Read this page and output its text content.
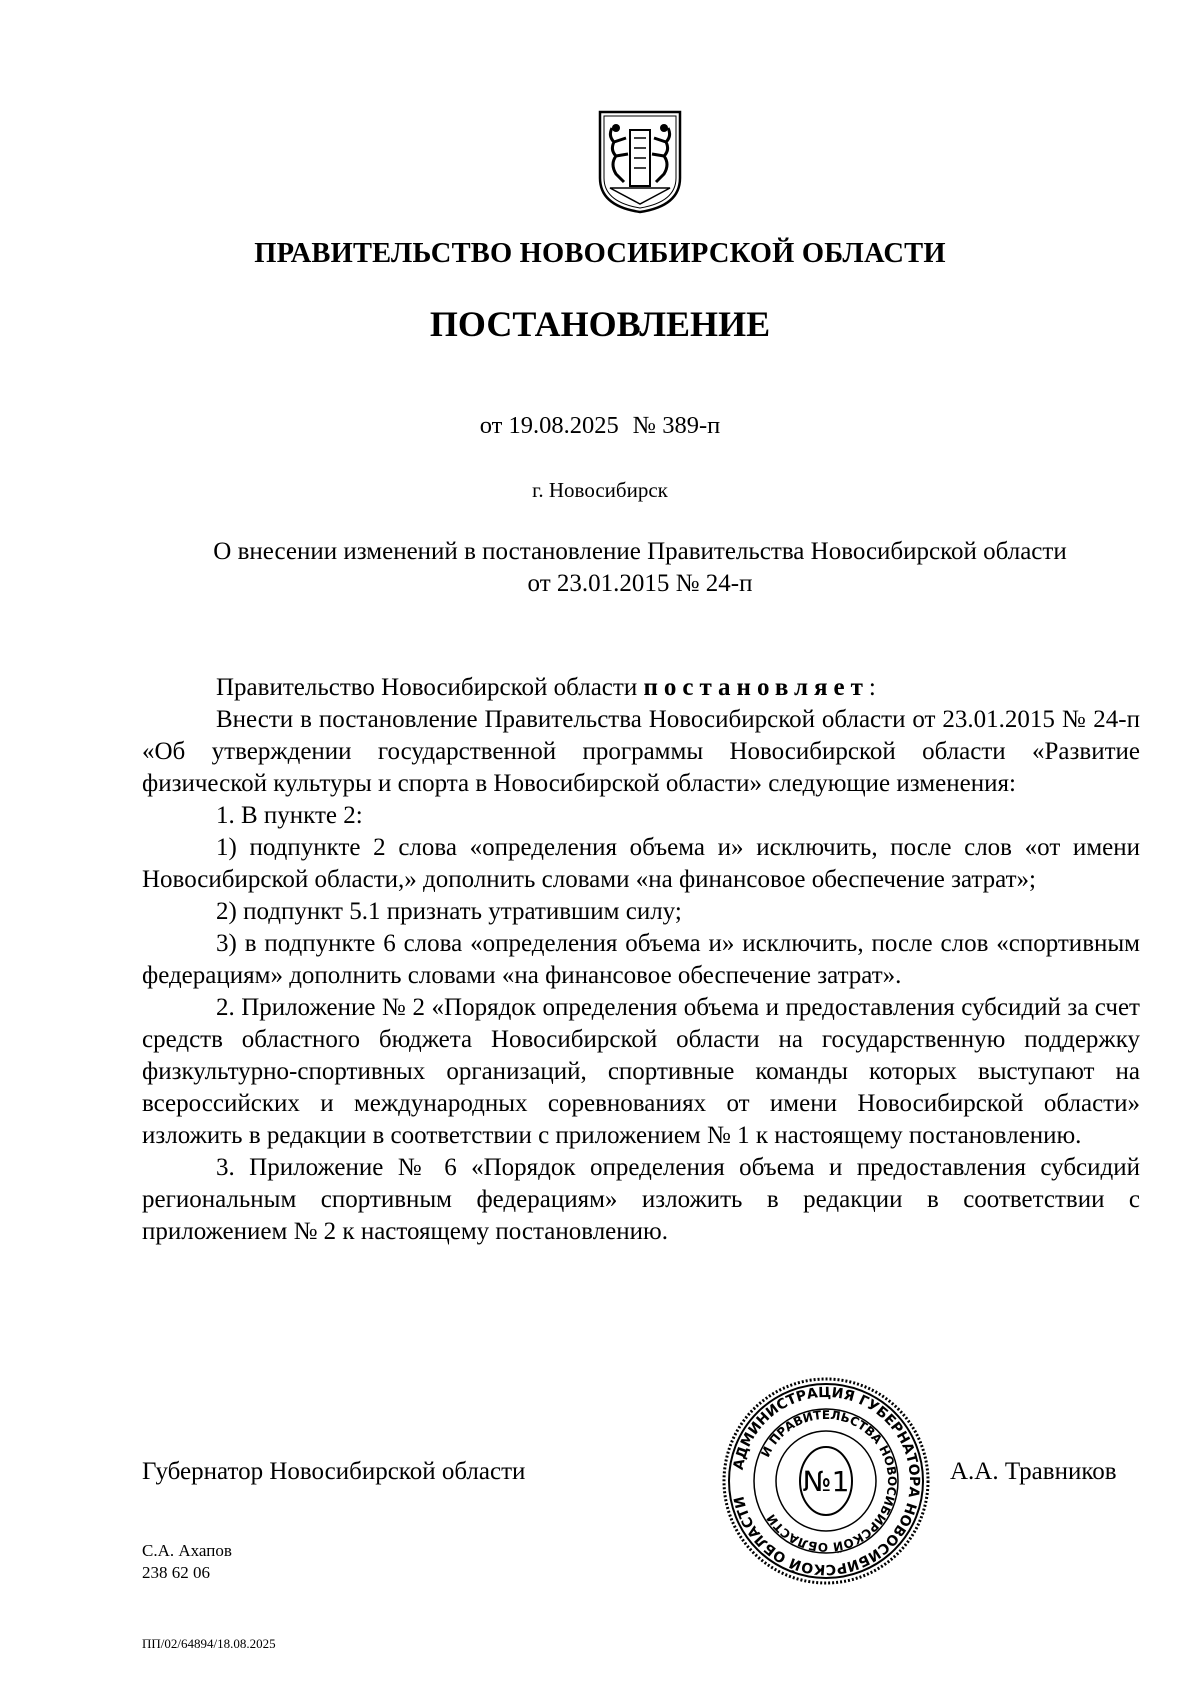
ПРАВИТЕЛЬСТВО НОВОСИБИРСКОЙ ОБЛАСТИ
ПОСТАНОВЛЕНИЕ
от 19.08.2025 № 389-п
г. Новосибирск
О внесении изменений в постановление Правительства Новосибирской области
от 23.01.2015 № 24-п

Правительство Новосибирской области постановляет:

Внести в постановление Правительства Новосибирской области от 23.01.2015 № 24-п «Об утверждении государственной программы Новосибирской области «Развитие физической культуры и спорта в Новосибирской области» следующие изменения:

1. В пункте 2:

1) подпункте 2 слова «определения объема и» исключить, после слов «от имени Новосибирской области,» дополнить словами «на финансовое обеспечение затрат»;

2) подпункт 5.1 признать утратившим силу;

3) в подпункте 6 слова «определения объема и» исключить, после слов «спортивным федерациям» дополнить словами «на финансовое обеспечение затрат».

2. Приложение № 2 «Порядок определения объема и предоставления субсидий за счет средств областного бюджета Новосибирской области на государственную поддержку физкультурно-спортивных организаций, спортивные команды которых выступают на всероссийских и международных соревнованиях от имени Новосибирской области» изложить в редакции в соответствии с приложением № 1 к настоящему постановлению.

3. Приложение № 6 «Порядок определения объема и предоставления субсидий региональным спортивным федерациям» изложить в редакции в соответствии с приложением № 2 к настоящему постановлению.

Губернатор Новосибирской области	АДМИНИСТРАЦИЯ ГУБЕРНАТОРА НОВОСИБИРСКОЙ ОБЛАСТИ
И ПРАВИТЕЛЬСТВА НОВОСИБИРСКОЙ ОБЛАСТИ
№1	А.А. Травников
С.А. Ахапов
238 62 06
ПП/02/64894/18.08.2025
